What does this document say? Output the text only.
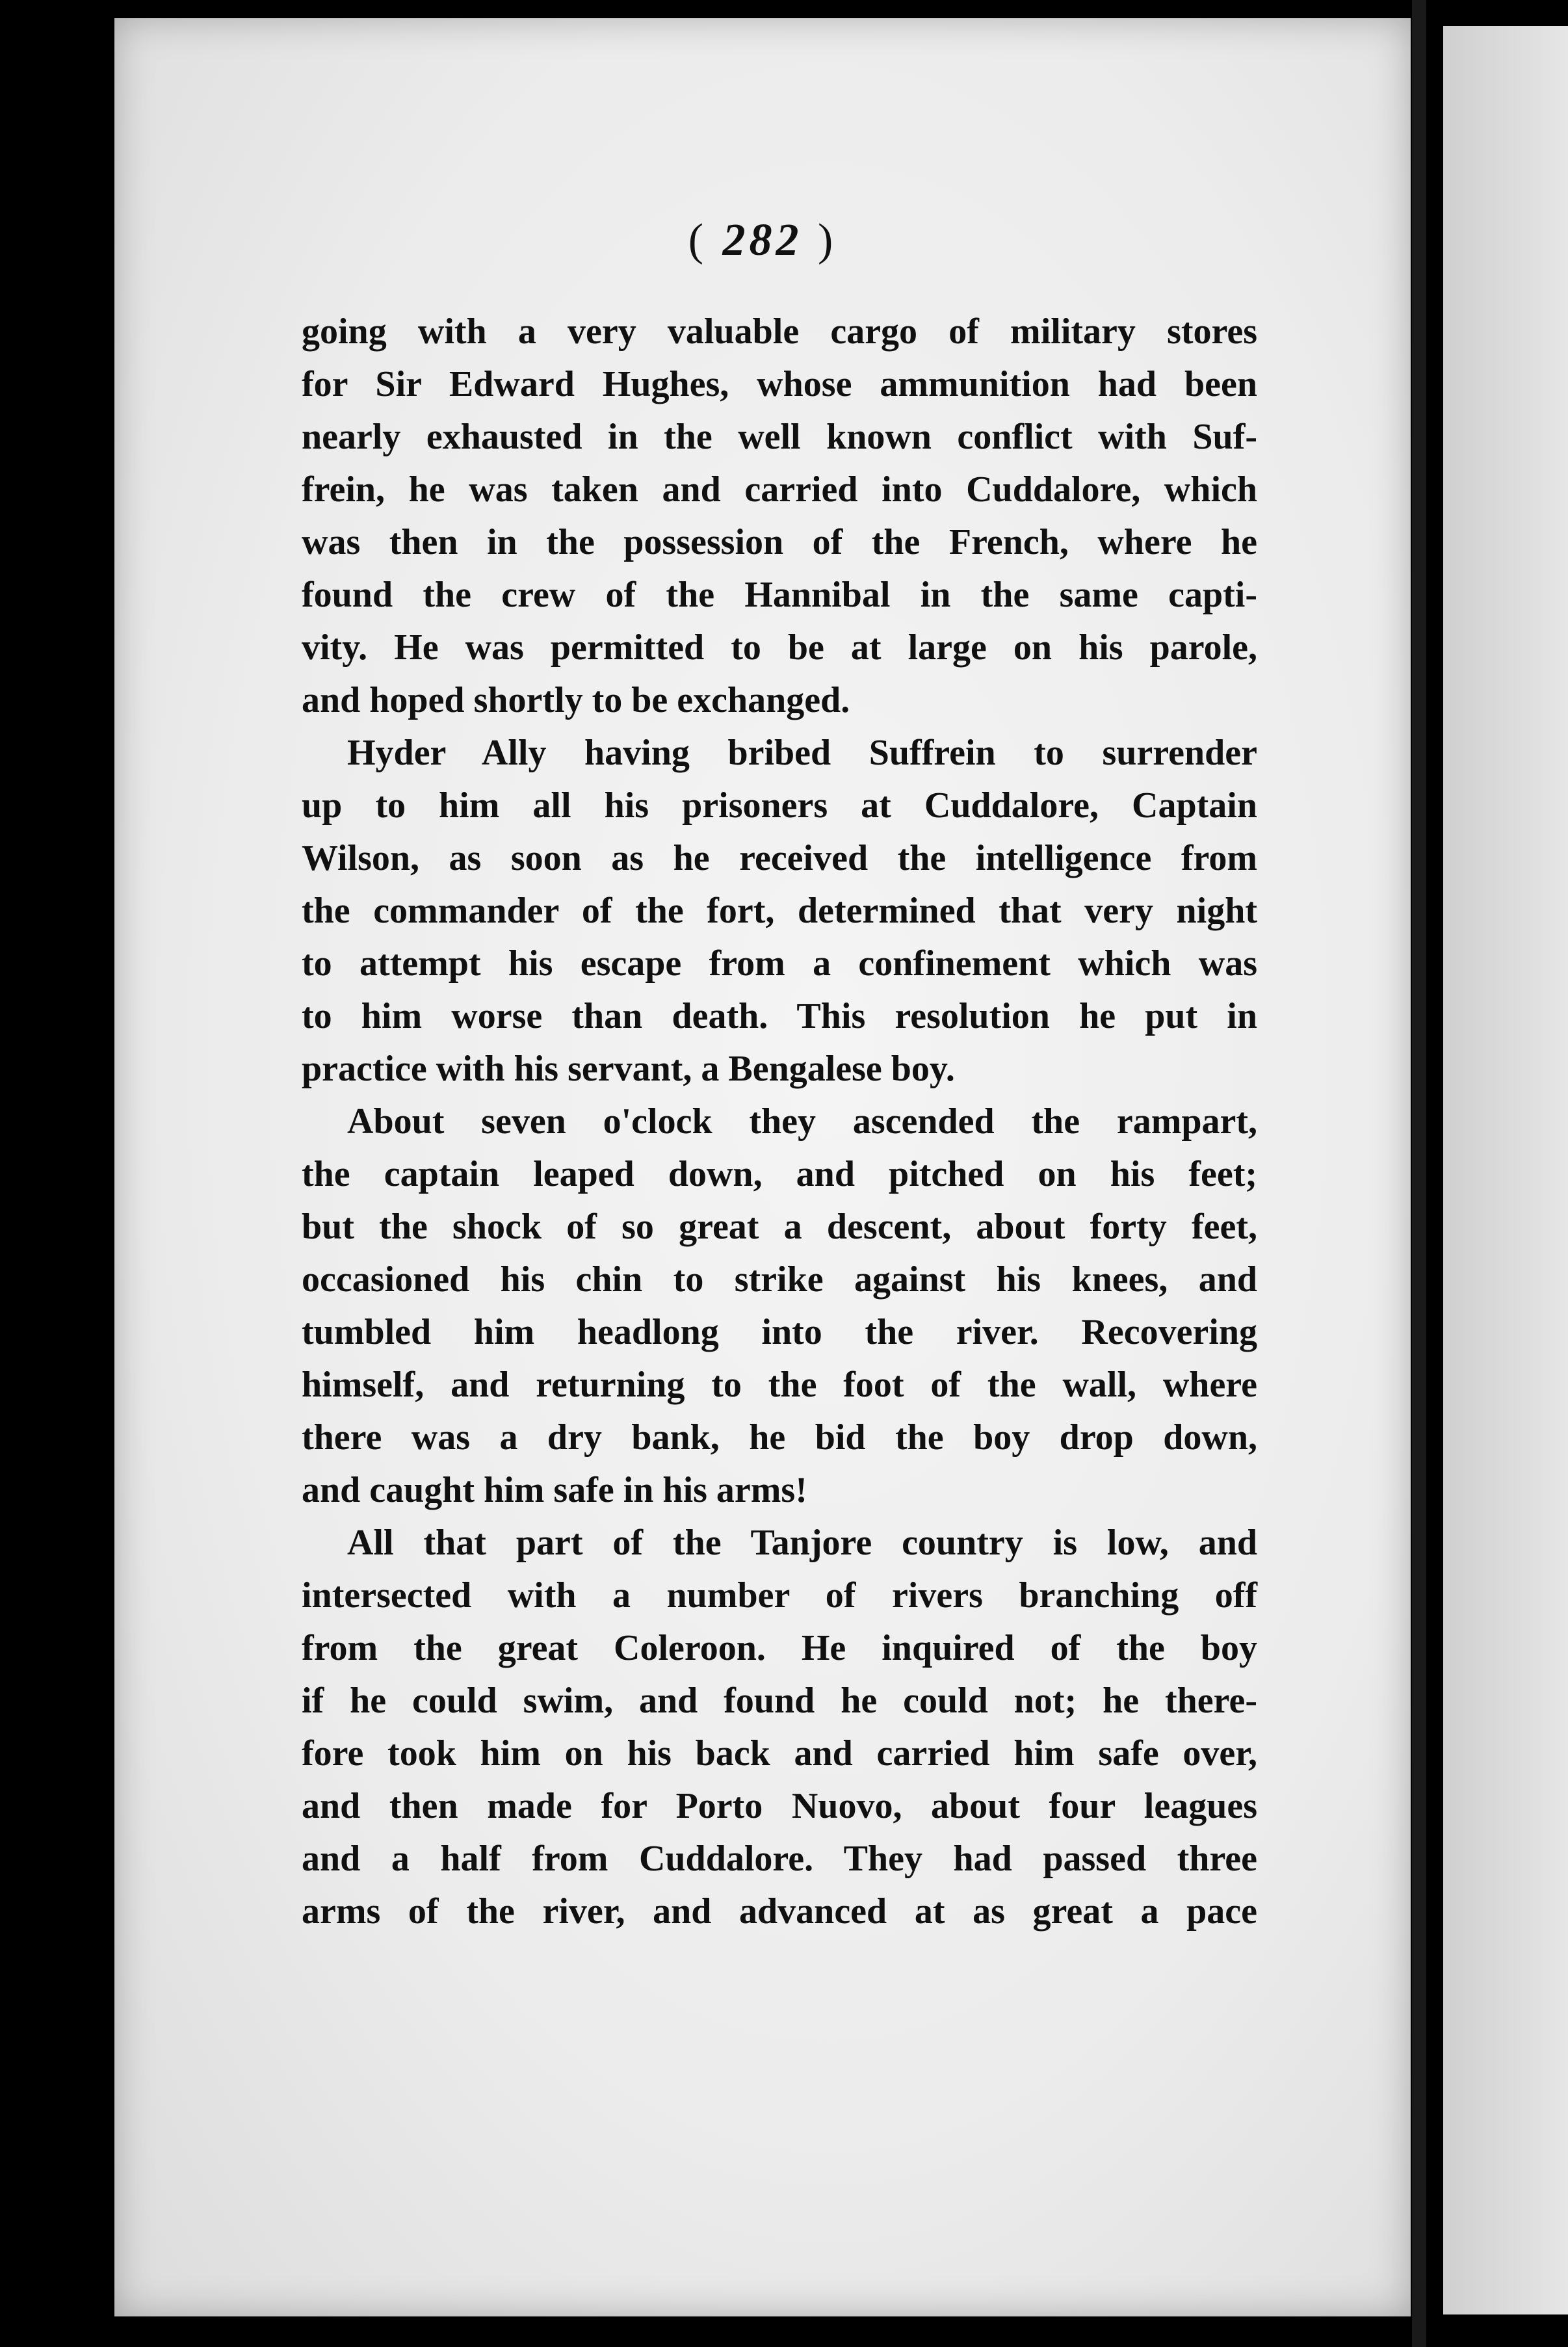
( 282 )
going with a very valuable cargo of military stores
for Sir Edward Hughes, whose ammunition had been
nearly exhausted in the well known conflict with Suf-
frein, he was taken and carried into Cuddalore, which
was then in the possession of the French, where he
found the crew of the Hannibal in the same capti-
vity. He was permitted to be at large on his parole,
and hoped shortly to be exchanged.
Hyder Ally having bribed Suffrein to surrender
up to him all his prisoners at Cuddalore, Captain
Wilson, as soon as he received the intelligence from
the commander of the fort, determined that very night
to attempt his escape from a confinement which was
to him worse than death. This resolution he put in
practice with his servant, a Bengalese boy.
About seven o'clock they ascended the rampart,
the captain leaped down, and pitched on his feet;
but the shock of so great a descent, about forty feet,
occasioned his chin to strike against his knees, and
tumbled him headlong into the river. Recovering
himself, and returning to the foot of the wall, where
there was a dry bank, he bid the boy drop down,
and caught him safe in his arms!
All that part of the Tanjore country is low, and
intersected with a number of rivers branching off
from the great Coleroon. He inquired of the boy
if he could swim, and found he could not; he there-
fore took him on his back and carried him safe over,
and then made for Porto Nuovo, about four leagues
and a half from Cuddalore. They had passed three
arms of the river, and advanced at as great a pace
